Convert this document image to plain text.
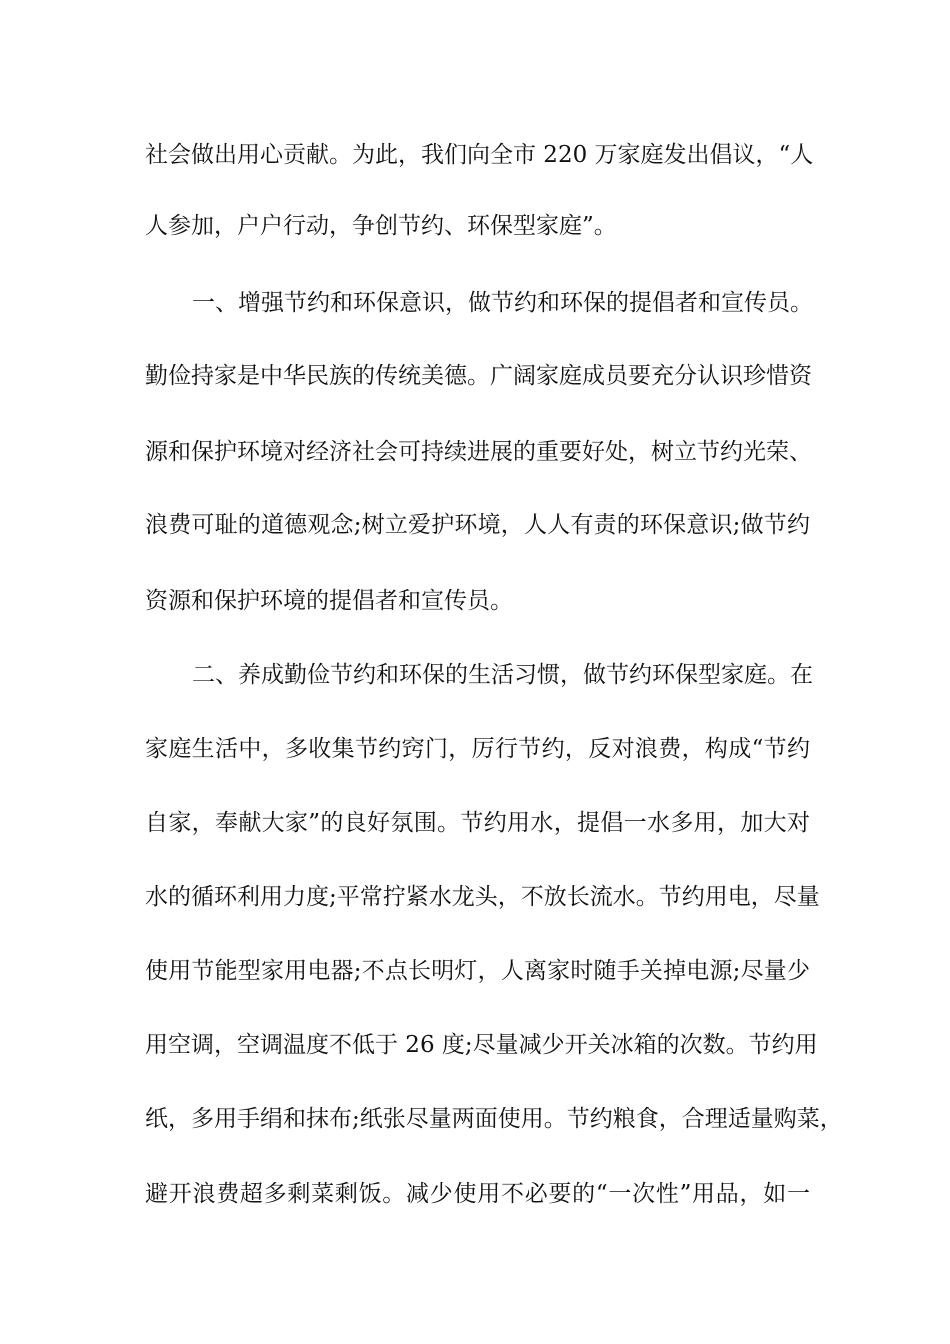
社会做出用心贡献。为此，我们向全市 220 万家庭发出倡议，“人
人参加，户户行动，争创节约、环保型家庭”。
一、增强节约和环保意识，做节约和环保的提倡者和宣传员。
勤俭持家是中华民族的传统美德。广阔家庭成员要充分认识珍惜资
源和保护环境对经济社会可持续进展的重要好处，树立节约光荣、
浪费可耻的道德观念;树立爱护环境，人人有责的环保意识;做节约
资源和保护环境的提倡者和宣传员。
二、养成勤俭节约和环保的生活习惯，做节约环保型家庭。在
家庭生活中，多收集节约窍门，厉行节约，反对浪费，构成“节约
自家，奉献大家”的良好氛围。节约用水，提倡一水多用，加大对
水的循环利用力度;平常拧紧水龙头，不放长流水。节约用电，尽量
使用节能型家用电器;不点长明灯，人离家时随手关掉电源;尽量少
用空调，空调温度不低于 26 度;尽量减少开关冰箱的次数。节约用
纸，多用手绢和抹布;纸张尽量两面使用。节约粮食，合理适量购菜，
避开浪费超多剩菜剩饭。减少使用不必要的“一次性”用品，如一
